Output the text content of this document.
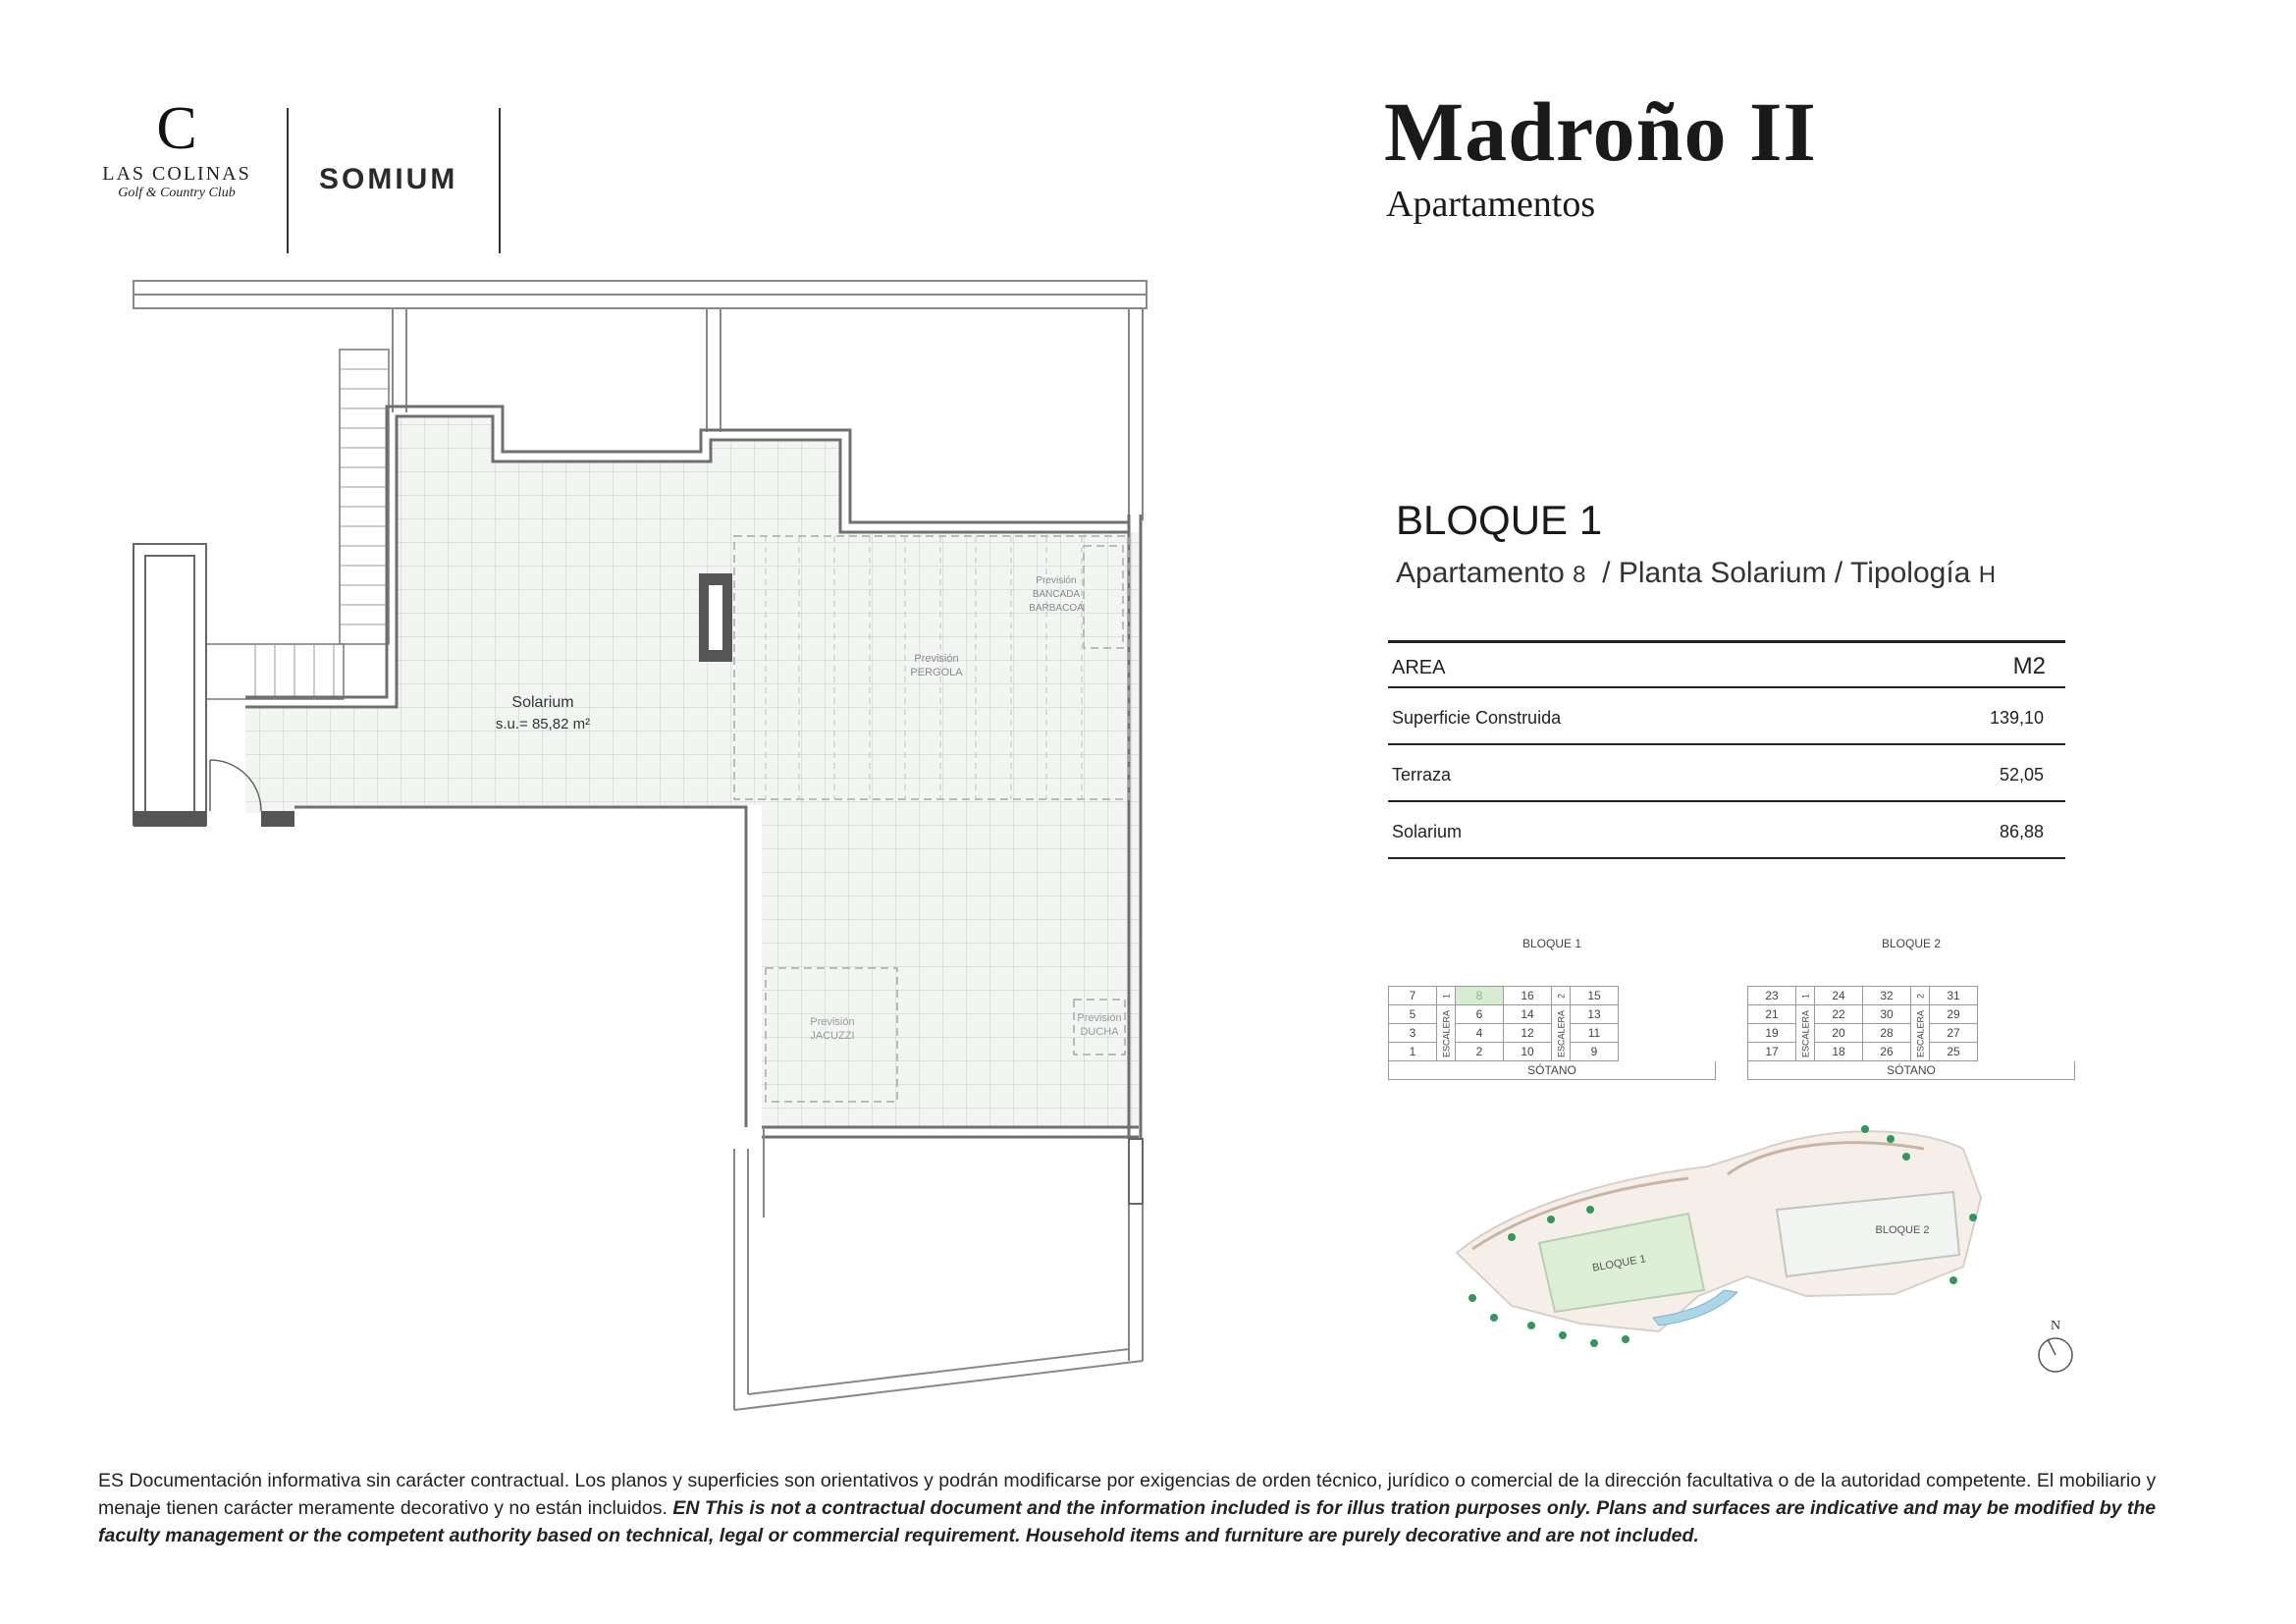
C
LAS COLINAS
Golf & Country Club	SOMIUM
Madroño II
Apartamentos
Solarium
s.u.= 85,82 m²
Previsión
PERGOLA
Previsión
BANCADA
BARBACOA
Previsión
JACUZZI
Previsión
DUCHA
BLOQUE 1
BLOQUE 2
N
BLOQUE 1
Apartamento 8 / Planta Solarium / Tipología H
AREA	M2
Superficie Construida	139,10
Terraza	52,05
Solarium	86,88
BLOQUE 1
7	1	8	16	2	15
5	ESCALERA	6	14	ESCALERA	13
3		4	12		11
1		2	10		9
SÓTANO
BLOQUE 2
23	1	24	32	2	31
21	ESCALERA	22	30	ESCALERA	29
19		20	28		27
17		18	26		25
SÓTANO
ES Documentación informativa sin carácter contractual. Los planos y superficies son orientativos y podrán modificarse por exigencias de orden técnico, jurídico o comercial de la dirección facultativa o de la autoridad competente. El mobiliario y menaje tienen carácter meramente decorativo y no están incluidos. EN This is not a contractual document and the information included is for illus tration purposes only. Plans and surfaces are indicative and may be modified by the faculty management or the competent authority based on technical, legal or commercial requirement. Household items and furniture are purely decorative and are not included.
